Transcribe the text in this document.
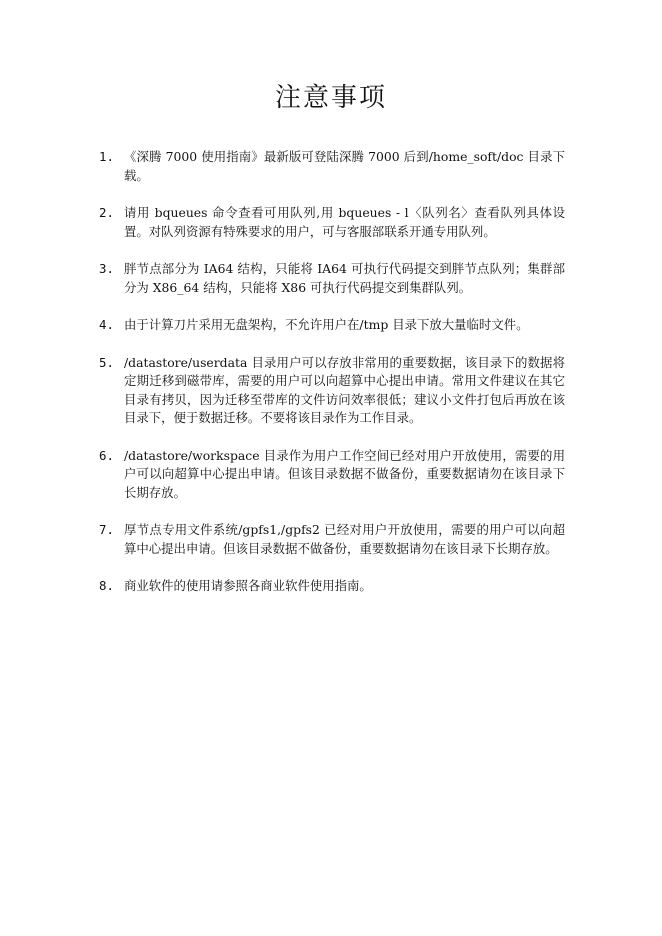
注意事项
1. 《深腾 7000 使用指南》最新版可登陆深腾 7000 后到/home_soft/doc 目录下载。
2. 请用 bqueues 命令查看可用队列,用 bqueues - l〈队列名〉查看队列具体设置。对队列资源有特殊要求的用户，可与客服部联系开通专用队列。
3. 胖节点部分为 IA64 结构，只能将 IA64 可执行代码提交到胖节点队列；集群部分为 X86_64 结构，只能将 X86 可执行代码提交到集群队列。
4. 由于计算刀片采用无盘架构，不允许用户在/tmp 目录下放大量临时文件。
5. /datastore/userdata 目录用户可以存放非常用的重要数据，该目录下的数据将定期迁移到磁带库，需要的用户可以向超算中心提出申请。常用文件建议在其它目录有拷贝，因为迁移至带库的文件访问效率很低；建议小文件打包后再放在该目录下，便于数据迁移。不要将该目录作为工作目录。
6. /datastore/workspace 目录作为用户工作空间已经对用户开放使用，需要的用户可以向超算中心提出申请。但该目录数据不做备份，重要数据请勿在该目录下长期存放。
7. 厚节点专用文件系统/gpfs1,/gpfs2 已经对用户开放使用，需要的用户可以向超算中心提出申请。但该目录数据不做备份，重要数据请勿在该目录下长期存放。
8. 商业软件的使用请参照各商业软件使用指南。
